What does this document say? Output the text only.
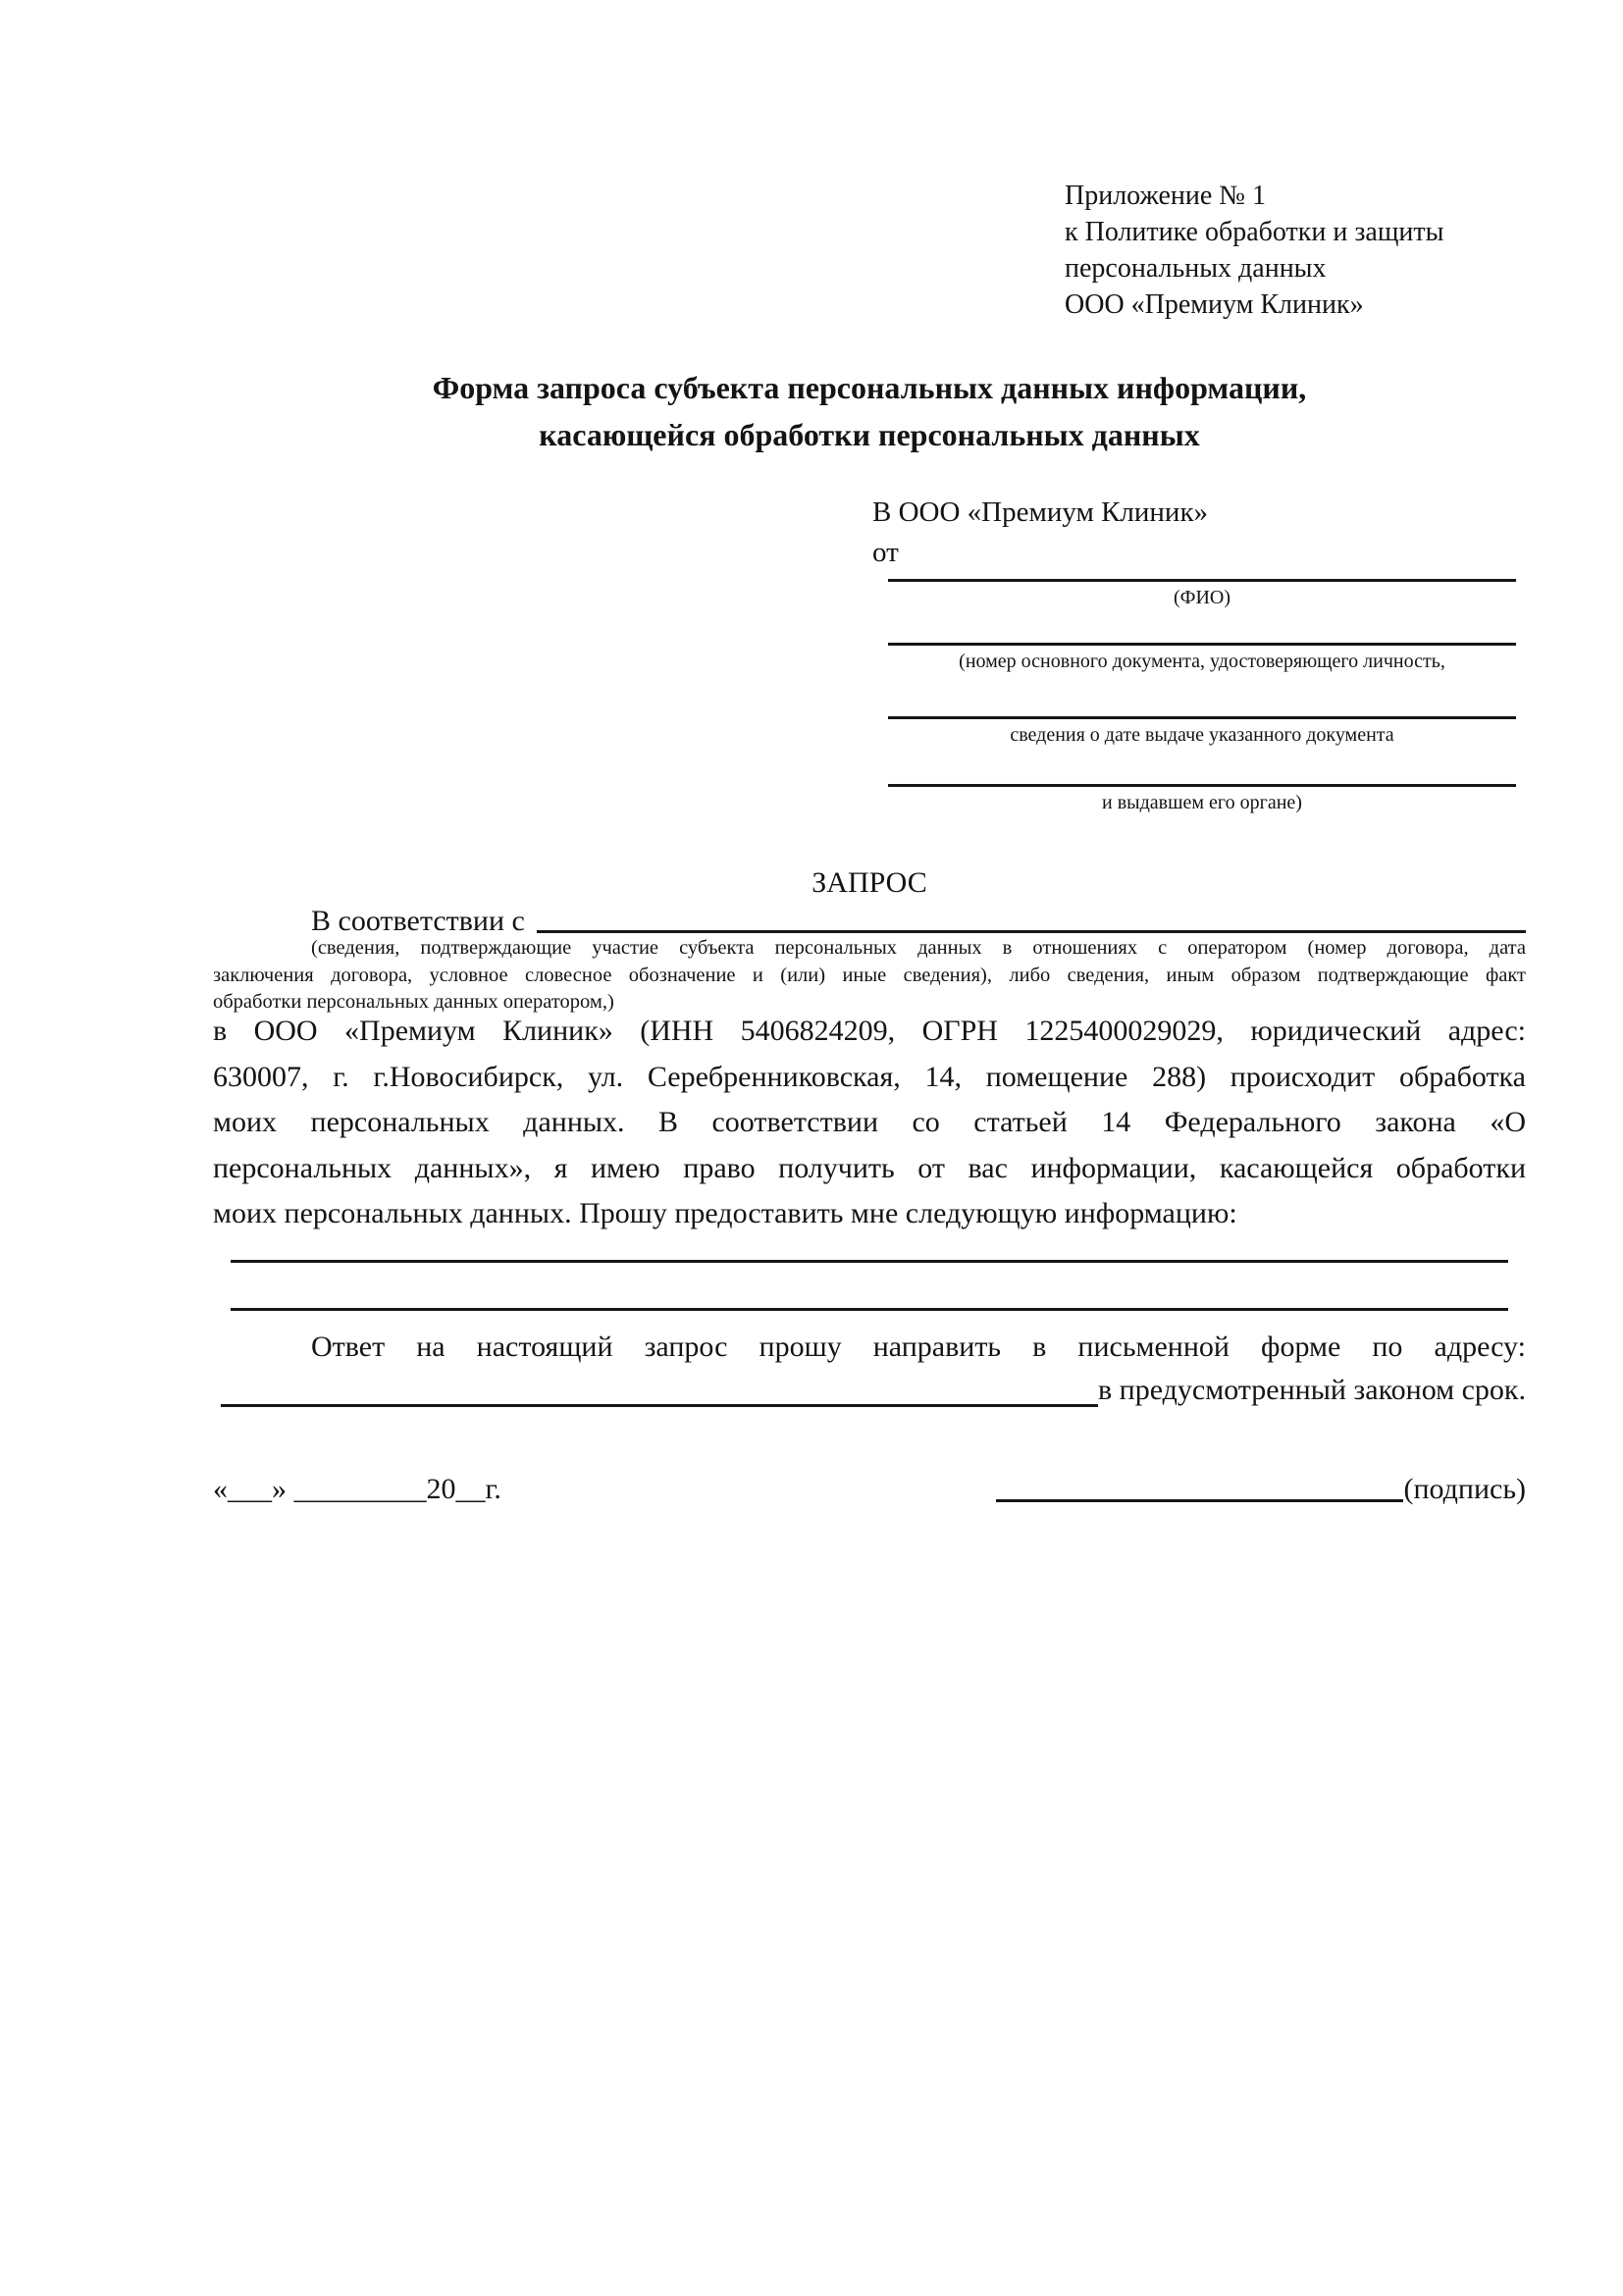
Приложение № 1
к Политике обработки и защиты
персональных данных
ООО «Премиум Клиник»
Форма запроса субъекта персональных данных информации,
касающейся обработки персональных данных
В ООО «Премиум Клиник»
от
(ФИО)
(номер основного документа, удостоверяющего личность,
сведения о дате выдаче указанного документа
и выдавшем его органе)
ЗАПРОС
В соответствии с
(сведения, подтверждающие участие субъекта персональных данных в отношениях с оператором (номер договора, дата
заключения договора, условное словесное обозначение и (или) иные сведения), либо сведения, иным образом подтверждающие факт
обработки персональных данных оператором,)
в ООО «Премиум Клиник» (ИНН 5406824209, ОГРН 1225400029029, юридический адрес:
630007, г. г.Новосибирск, ул. Серебренниковская, 14, помещение 288) происходит обработка
моих персональных данных. В соответствии со статьей 14 Федерального закона «О
персональных данных», я имею право получить от вас информации, касающейся обработки
моих персональных данных. Прошу предоставить мне следующую информацию:
Ответ на настоящий запрос прошу направить в письменной форме по адресу:
в предусмотренный законом срок.
«___» _________20__г.	(подпись)
